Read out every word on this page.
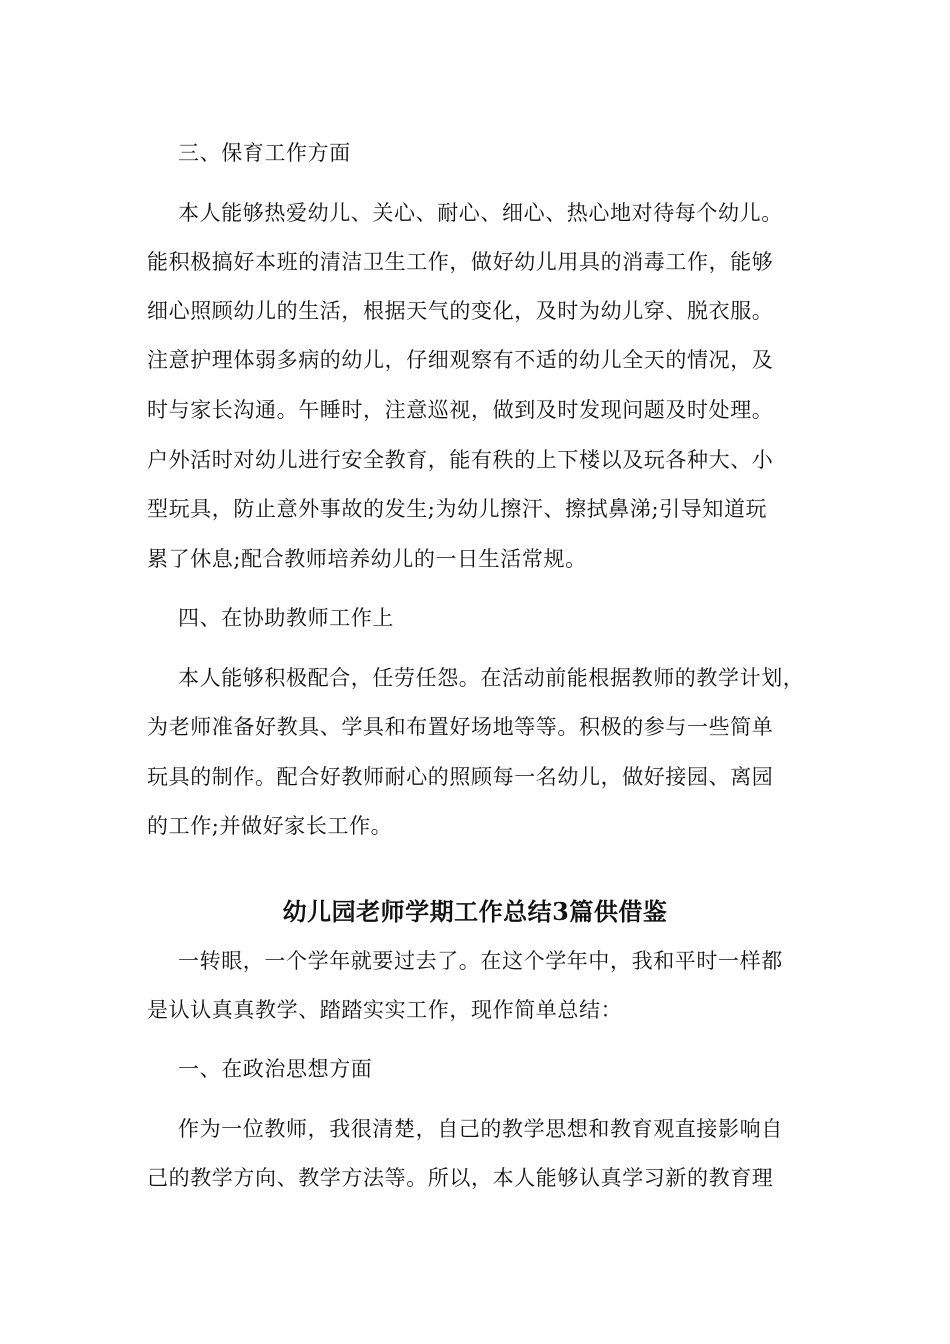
三、保育工作方面
本人能够热爱幼儿、关心、耐心、细心、热心地对待每个幼儿。
能积极搞好本班的清洁卫生工作，做好幼儿用具的消毒工作，能够
细心照顾幼儿的生活，根据天气的变化，及时为幼儿穿、脱衣服。
注意护理体弱多病的幼儿，仔细观察有不适的幼儿全天的情况，及
时与家长沟通。午睡时，注意巡视，做到及时发现问题及时处理。
户外活时对幼儿进行安全教育，能有秩的上下楼以及玩各种大、小
型玩具，防止意外事故的发生;为幼儿擦汗、擦拭鼻涕;引导知道玩
累了休息;配合教师培养幼儿的一日生活常规。
四、在协助教师工作上
本人能够积极配合，任劳任怨。在活动前能根据教师的教学计划，
为老师准备好教具、学具和布置好场地等等。积极的参与一些简单
玩具的制作。配合好教师耐心的照顾每一名幼儿，做好接园、离园
的工作;并做好家长工作。
幼儿园老师学期工作总结3篇供借鉴
一转眼，一个学年就要过去了。在这个学年中，我和平时一样都
是认认真真教学、踏踏实实工作，现作简单总结：
一、在政治思想方面
作为一位教师，我很清楚，自己的教学思想和教育观直接影响自
己的教学方向、教学方法等。所以，本人能够认真学习新的教育理
